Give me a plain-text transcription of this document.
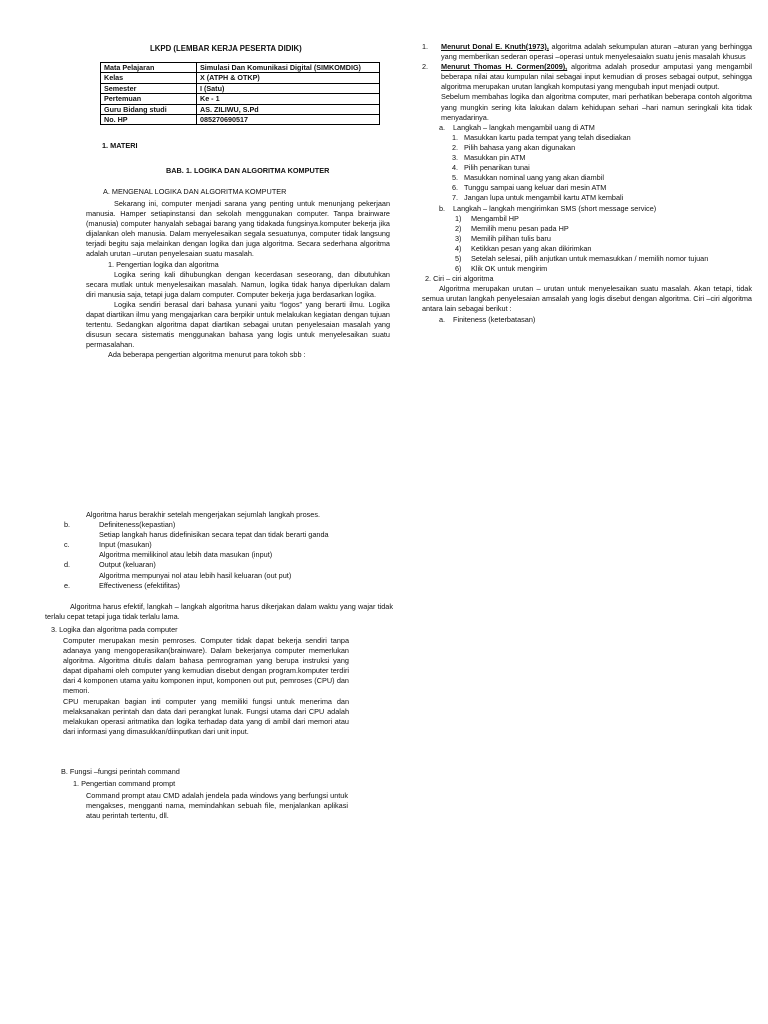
LKPD (LEMBAR KERJA PESERTA DIDIK)
Mata Pelajaran	Simulasi Dan Komunikasi Digital (SIMKOMDIG)
Kelas	X (ATPH & OTKP)
Semester	I (Satu)
Pertemuan	Ke - 1
Guru Bidang studi	AS. ZILIWU, S.Pd
No. HP	085270690517
1. MATERI
BAB. 1. LOGIKA DAN ALGORITMA KOMPUTER
A. MENGENAL LOGIKA DAN ALGORITMA KOMPUTER

Sekarang ini, computer menjadi sarana yang penting untuk menunjang pekerjaan manusia. Hamper setiapinstansi dan sekolah menggunakan computer. Tanpa brainware (manusia) computer hanyalah sebagai barang yang tidakada fungsinya.komputer bekerja jika dijalankan oleh manusia. Dalam menyelesaikan segala sesuatunya, computer tidak langsung terjadi begitu saja melainkan dengan logika dan juga algoritma. Secara sederhana algoritma adalah urutan –urutan penyelesaian suatu masalah.

1. Pengertian logika dan algoritma

Logika sering kali dihubungkan dengan kecerdasan seseorang, dan dibutuhkan secara mutlak untuk menyelesaikan masalah. Namun, logika tidak hanya diperlukan dalam diri manusia saja, tetapi juga dalam computer. Computer bekerja juga berdasarkan logika.

Logika sendiri berasal dari bahasa yunani yaitu “logos” yang berarti ilmu. Logika dapat diartikan ilmu yang mengajarkan cara berpikir untuk melakukan kegiatan dengan tujuan tertentu. Sedangkan algoritma dapat diartikan sebagai urutan penyelesaian masalah yang disusun secara sistematis menggunakan bahasa yang logis untuk menyelesaikan suatu permasalahan.

Ada beberapa pengertian algoritma menurut para tokoh sbb :
Algoritma harus berakhir setelah mengerjakan sejumlah langkah proses.
b.	Definiteness(kepastian)
Setiap langkah harus didefinisikan secara tepat dan tidak berarti ganda
c.	Input (masukan)
Algoritma memilikinol atau lebih data masukan (input)
d.	Output (keluaran)
Algoritma mempunyai nol atau lebih hasil keluaran (out put)
e.	Effectiveness (efektifitas)

Algoritma harus efektif, langkah – langkah algoritma harus dikerjakan dalam waktu yang wajar tidak terlalu cepat tetapi juga tidak terlalu lama.

3. Logika dan algoritma pada computer

Computer merupakan mesin pemroses. Computer tidak dapat bekerja sendiri tanpa adanaya yang mengoperasikan(brainware). Dalam bekerjanya computer memerlukan algoritma. Algoritma ditulis dalam bahasa pemrograman yang berupa instruksi yang dapat dipahami oleh computer yang kemudian disebut dengan program.komputer terdiri dari 4 komponen utama yaitu komponen input, komponen out put, pemroses (CPU) dan memori.

CPU merupakan bagian inti computer yang memiliki fungsi untuk menerima dan melaksanakan perintah dan data dari perangkat lunak. Fungsi utama dari CPU adalah melakukan operasi aritmatika dan logika terhadap data yang di ambil dari memori atau dari informasi yang dimasukkan/diinputkan dari unit input.

B. Fungsi –fungsi perintah command
1. Pengertian command prompt

Command prompt atau CMD adalah jendela pada windows yang berfungsi untuk mengakses, mengganti nama, memindahkan sebuah file, menjalankan aplikasi atau perintah tertentu, dll.

1. Menurut Donal E. Knuth(1973), algoritma adalah sekumpulan aturan –aturan yang berhingga yang memberikan sederan operasi –operasi untuk menyelesaiakn suatu jenis masalah khusus

2. Menurut Thomas H. Cormen(2009), algoritma adalah prosedur amputasi yang mengambil beberapa nilai atau kumpulan nilai sebagai input kemudian di proses sebagai output, sehingga algoritma merupakan urutan langkah komputasi yang mengubah input menjadi output.

Sebelum membahas logika dan algoritma computer, mari perhatikan beberapa contoh algoritma yang mungkin sering kita lakukan dalam kehidupan sehari –hari namun seringkali kita tidak menyadarinya.

a. Langkah – langkah mengambil uang di ATM
1. Masukkan kartu pada tempat yang telah disediakan
2. Pilih bahasa yang akan digunakan
3. Masukkan pin ATM
4. Pilih penarikan tunai
5. Masukkan nominal uang yang akan diambil
6. Tunggu sampai uang keluar dari mesin ATM
7. Jangan lupa untuk mengambil kartu ATM kembali
b. Langkah – langkah mengirimkan SMS (short message service)
1) Mengambil HP
2) Memilih menu pesan pada HP
3) Memilih pilihan tulis baru
4) Ketikkan pesan yang akan dikirimkan
5) Setelah selesai, pilih anjutkan untuk memasukkan / memilih nomor tujuan
6) Klik OK untuk mengirim
2. Ciri – ciri algoritma

Algoritma merupakan urutan – urutan untuk menyelesaikan suatu masalah. Akan tetapi, tidak semua urutan langkah penyelesaian amsalah yang logis disebut dengan algoritma. Ciri –ciri algoritma antara lain sebagai berikut :

a. Finiteness (keterbatasan)
